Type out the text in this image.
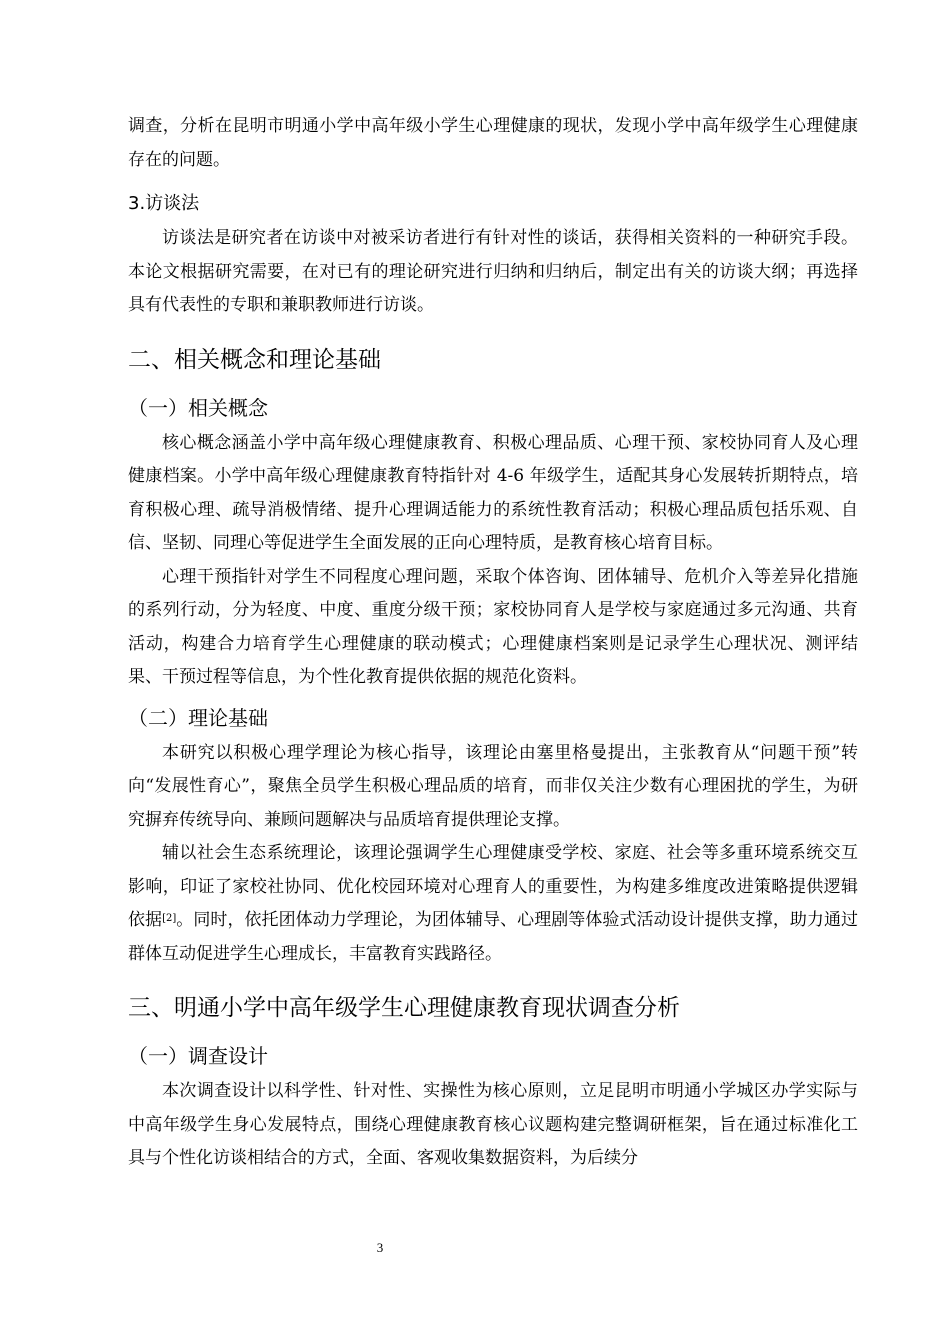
调查，分析在昆明市明通小学中高年级小学生心理健康的现状，发现小学中高年级学生心理健康存在的问题。

3.访谈法

访谈法是研究者在访谈中对被采访者进行有针对性的谈话，获得相关资料的一种研究手段。本论文根据研究需要，在对已有的理论研究进行归纳和归纳后，制定出有关的访谈大纲；再选择具有代表性的专职和兼职教师进行访谈。

二、相关概念和理论基础
（一）相关概念

核心概念涵盖小学中高年级心理健康教育、积极心理品质、心理干预、家校协同育人及心理健康档案。小学中高年级心理健康教育特指针对 4-6 年级学生，适配其身心发展转折期特点，培育积极心理、疏导消极情绪、提升心理调适能力的系统性教育活动；积极心理品质包括乐观、自信、坚韧、同理心等促进学生全面发展的正向心理特质，是教育核心培育目标。

心理干预指针对学生不同程度心理问题，采取个体咨询、团体辅导、危机介入等差异化措施的系列行动，分为轻度、中度、重度分级干预；家校协同育人是学校与家庭通过多元沟通、共育活动，构建合力培育学生心理健康的联动模式；心理健康档案则是记录学生心理状况、测评结果、干预过程等信息，为个性化教育提供依据的规范化资料。

（二）理论基础

本研究以积极心理学理论为核心指导，该理论由塞里格曼提出，主张教育从“问题干预”转向“发展性育心”，聚焦全员学生积极心理品质的培育，而非仅关注少数有心理困扰的学生，为研究摒弃传统导向、兼顾问题解决与品质培育提供理论支撑。

辅以社会生态系统理论，该理论强调学生心理健康受学校、家庭、社会等多重环境系统交互影响，印证了家校社协同、优化校园环境对心理育人的重要性，为构建多维度改进策略提供逻辑依据[2]。同时，依托团体动力学理论，为团体辅导、心理剧等体验式活动设计提供支撑，助力通过群体互动促进学生心理成长，丰富教育实践路径。

三、明通小学中高年级学生心理健康教育现状调查分析
（一）调查设计

本次调查设计以科学性、针对性、实操性为核心原则，立足昆明市明通小学城区办学实际与中高年级学生身心发展特点，围绕心理健康教育核心议题构建完整调研框架，旨在通过标准化工具与个性化访谈相结合的方式，全面、客观收集数据资料，为后续分

3
